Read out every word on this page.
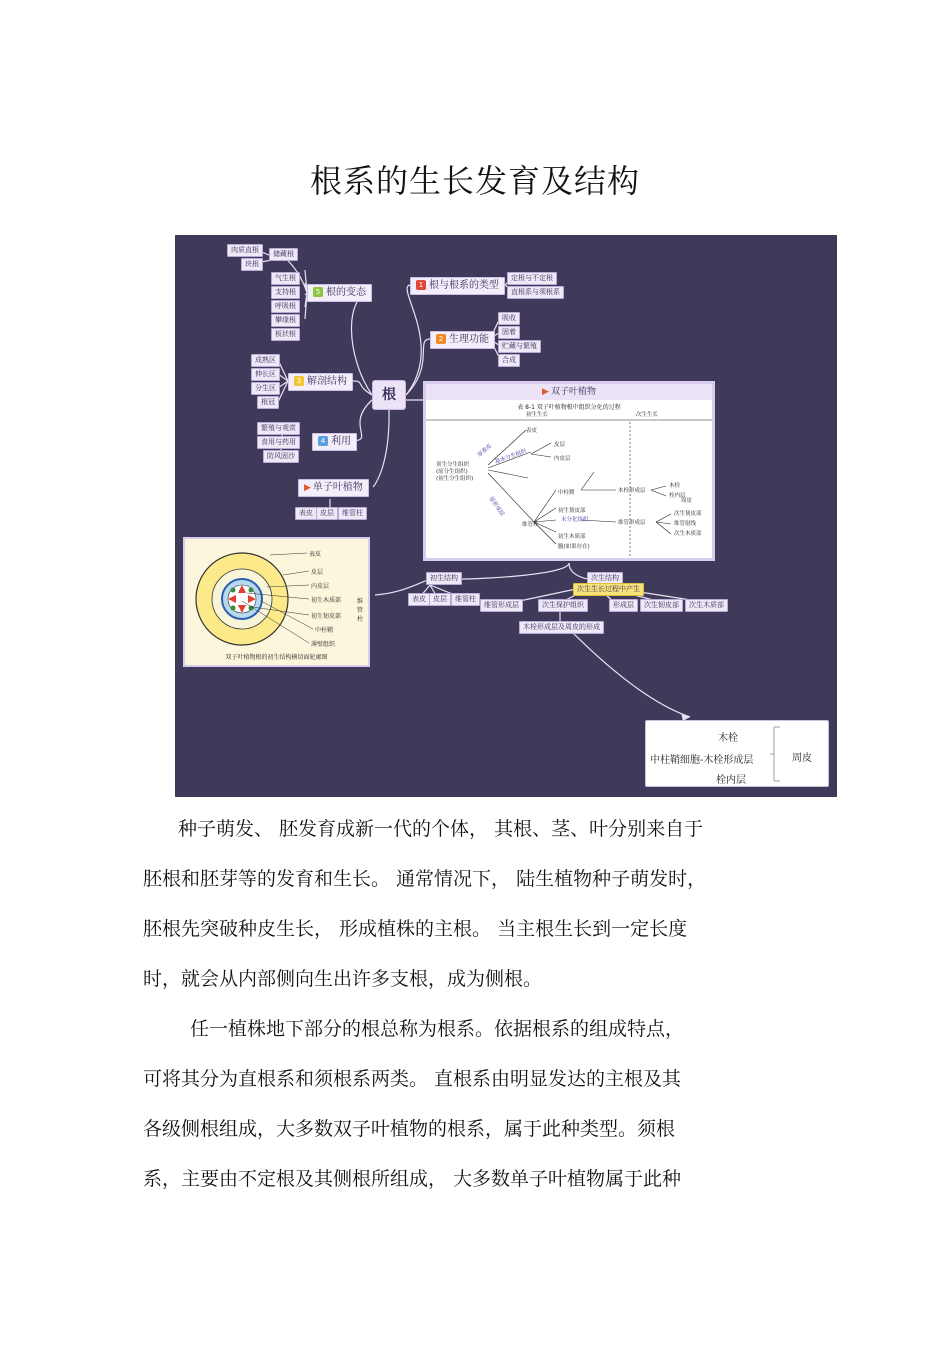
根系的生长发育及结构
根
5 根的变态
储藏根
气生根
支持根
呼吸根
攀缘根
板状根
肉质直根
块根
1 根与根系的类型
定根与不定根
直根系与须根系
2 生理功能
吸收
固着
贮藏与繁殖
合成
3 解剖结构
成熟区
伸长区
分生区
根冠
4 利用
繁殖与观赏
食用与药用
防风固沙
▶ 单子叶植物
表皮	皮层	维管柱
▶ 双子叶植物
表 8-1 双子叶植物根中组织分化的过程
初生生长	次生生长
顶生分生组织
(原分生组织)
(初生分生组织)
表皮
皮层
内皮层
中柱鞘
维管柱
初生韧皮部
维管形成层
初生木质部
髓(如果存在)
木栓形成层
木栓
栓内层
次生韧皮部
维管射线
次生木质部
周皮
原表皮 基本分生组织
原形成层
未分化组织
表皮
皮层
内皮层
初生木质部
初生韧皮部
中柱鞘
薄壁组织
维管柱
双子叶植物根的初生结构横切面轮廓图
初生结构
表皮	皮层	维管柱
次生结构
次生生长过程中产生
维管形成层	次生保护组织	形成层	次生韧皮部	次生木质部
木栓形成层及周皮的形成
木栓
中柱鞘细胞-木栓形成层
栓内层
周皮
种子萌发、 胚发育成新一代的个体， 其根、茎、叶分别来自于
胚根和胚芽等的发育和生长。 通常情况下， 陆生植物种子萌发时，
胚根先突破种皮生长， 形成植株的主根。 当主根生长到一定长度
时，就会从内部侧向生出许多支根，成为侧根。
任一植株地下部分的根总称为根系。依据根系的组成特点，
可将其分为直根系和须根系两类。 直根系由明显发达的主根及其
各级侧根组成，大多数双子叶植物的根系，属于此种类型。须根
系，主要由不定根及其侧根所组成， 大多数单子叶植物属于此种
